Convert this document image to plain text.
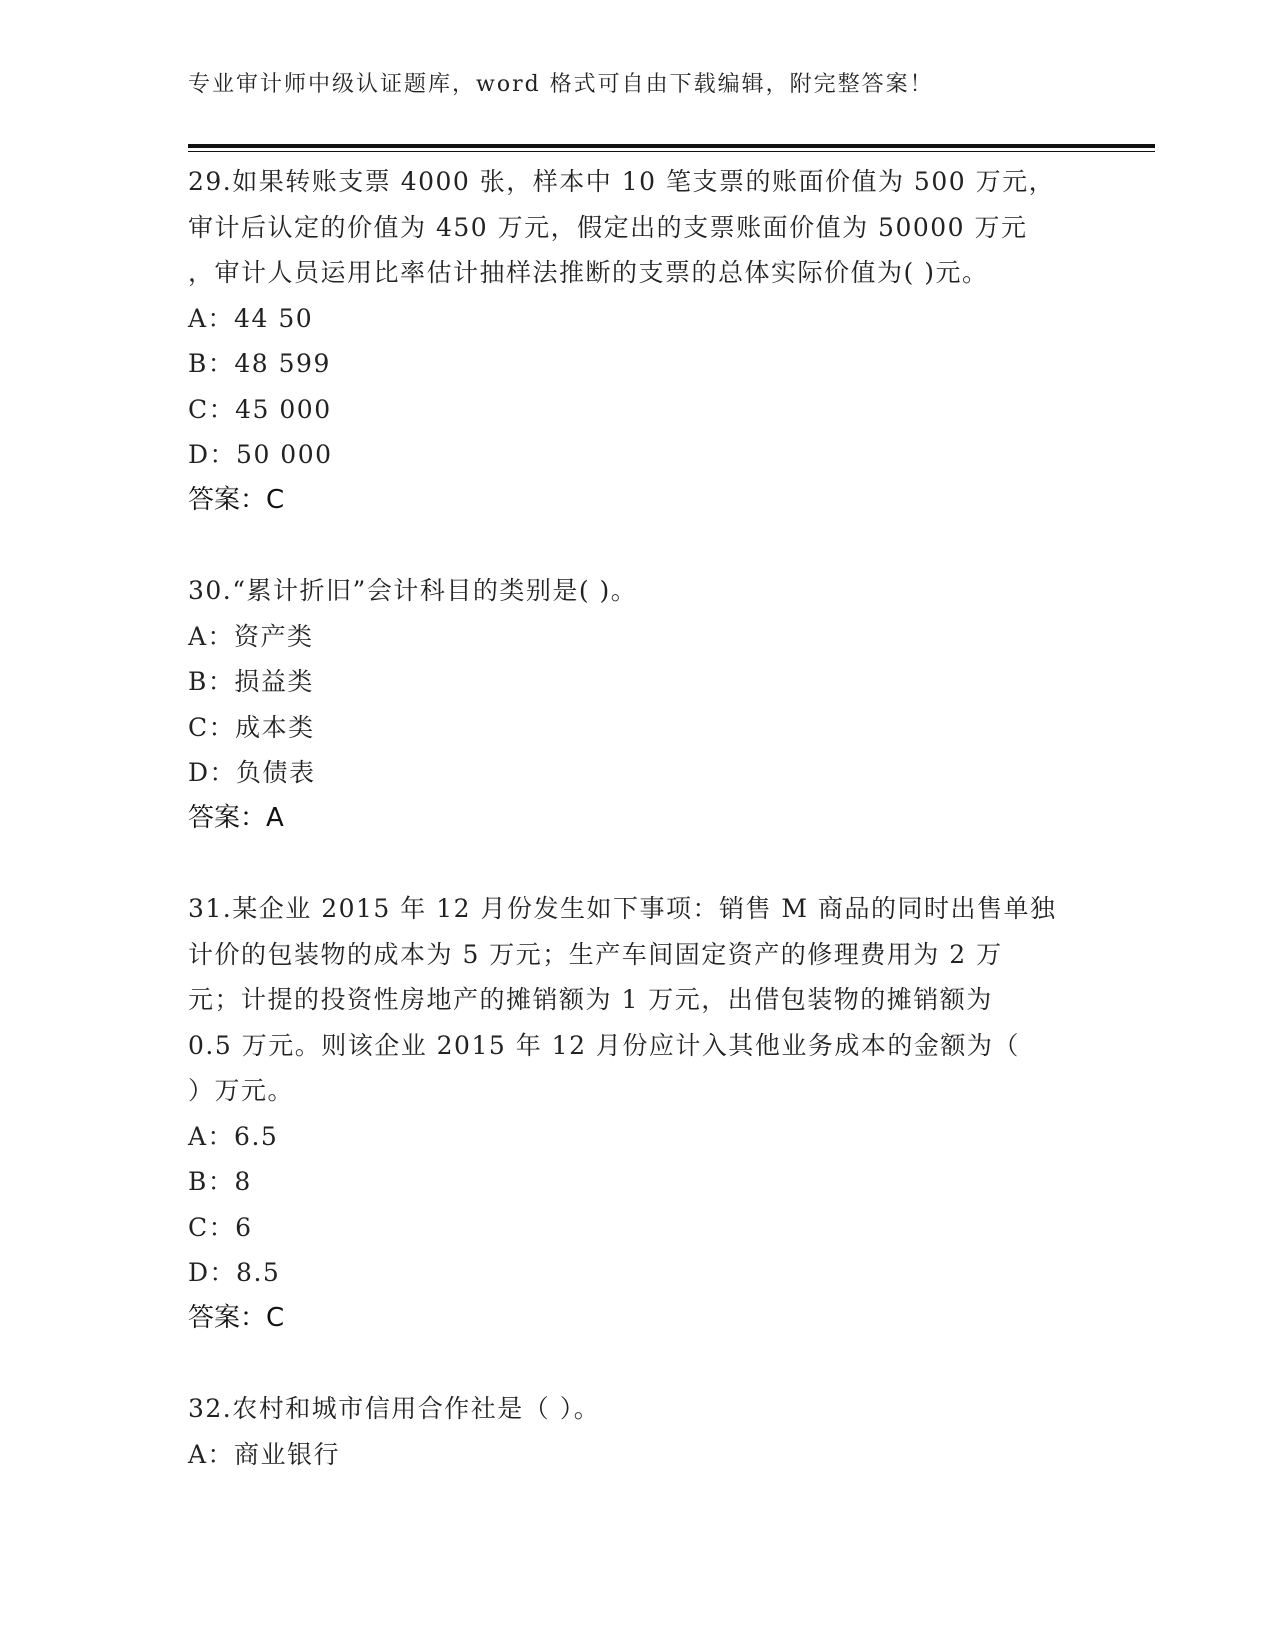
专业审计师中级认证题库，word 格式可自由下载编辑，附完整答案！
29.如果转账支票 4000 张，样本中 10 笔支票的账面价值为 500 万元，
审计后认定的价值为 450 万元，假定出的支票账面价值为 50000 万元
，审计人员运用比率估计抽样法推断的支票的总体实际价值为( )元。
A：44 50
B：48 599
C：45 000
D：50 000
答案：C
30.“累计折旧”会计科目的类别是( )。
A：资产类
B：损益类
C：成本类
D：负债表
答案：A
31.某企业 2015 年 12 月份发生如下事项：销售 M 商品的同时出售单独
计价的包装物的成本为 5 万元；生产车间固定资产的修理费用为 2 万
元；计提的投资性房地产的摊销额为 1 万元，出借包装物的摊销额为
0.5 万元。则该企业 2015 年 12 月份应计入其他业务成本的金额为（
）万元。
A：6.5
B：8
C：6
D：8.5
答案：C
32.农村和城市信用合作社是（ ）。
A：商业银行
